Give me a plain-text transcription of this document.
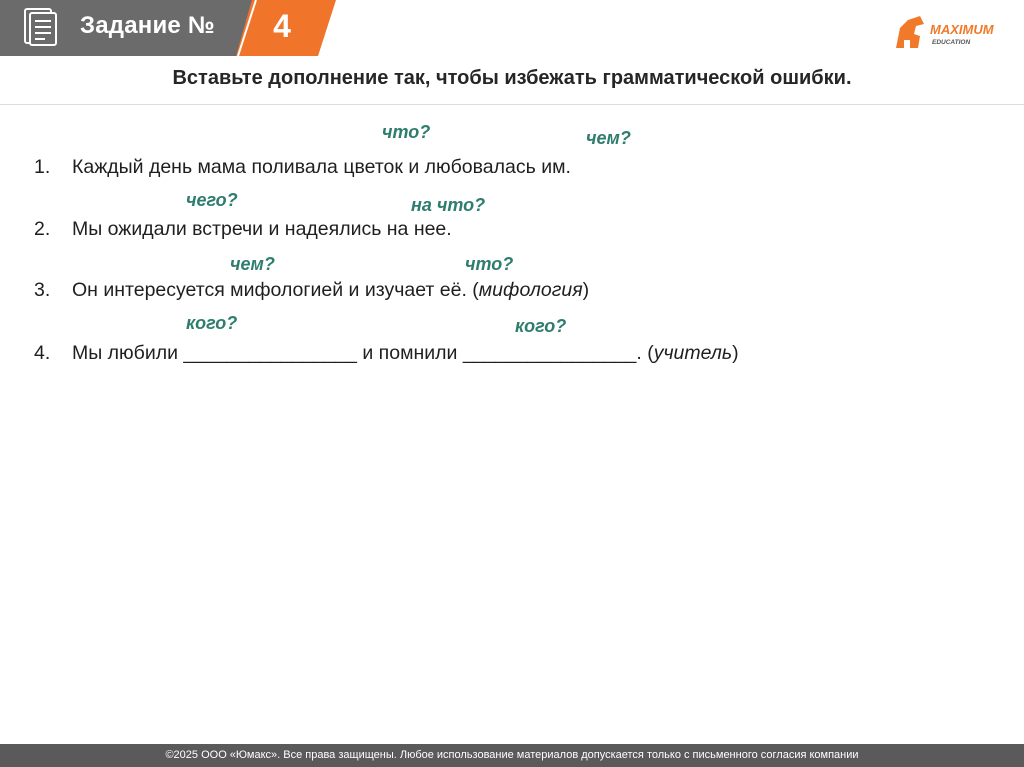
Задание №	4	MAXIMUM
EDUCATION
Вставьте дополнение так, чтобы избежать грамматической ошибки.
что?	чем?
1. Каждый день мама поливала цветок и любовалась им.
чего?	на что?
2. Мы ожидали встречи и надеялись на нее.
чем?	что?
3. Он интересуется мифологией и изучает её. (мифология)
кого?	кого?
4. Мы любили ________________ и помнили ________________. (учитель)
©2025 ООО «Юмакс». Все права защищены. Любое использование материалов допускается только с письменного согласия компании
